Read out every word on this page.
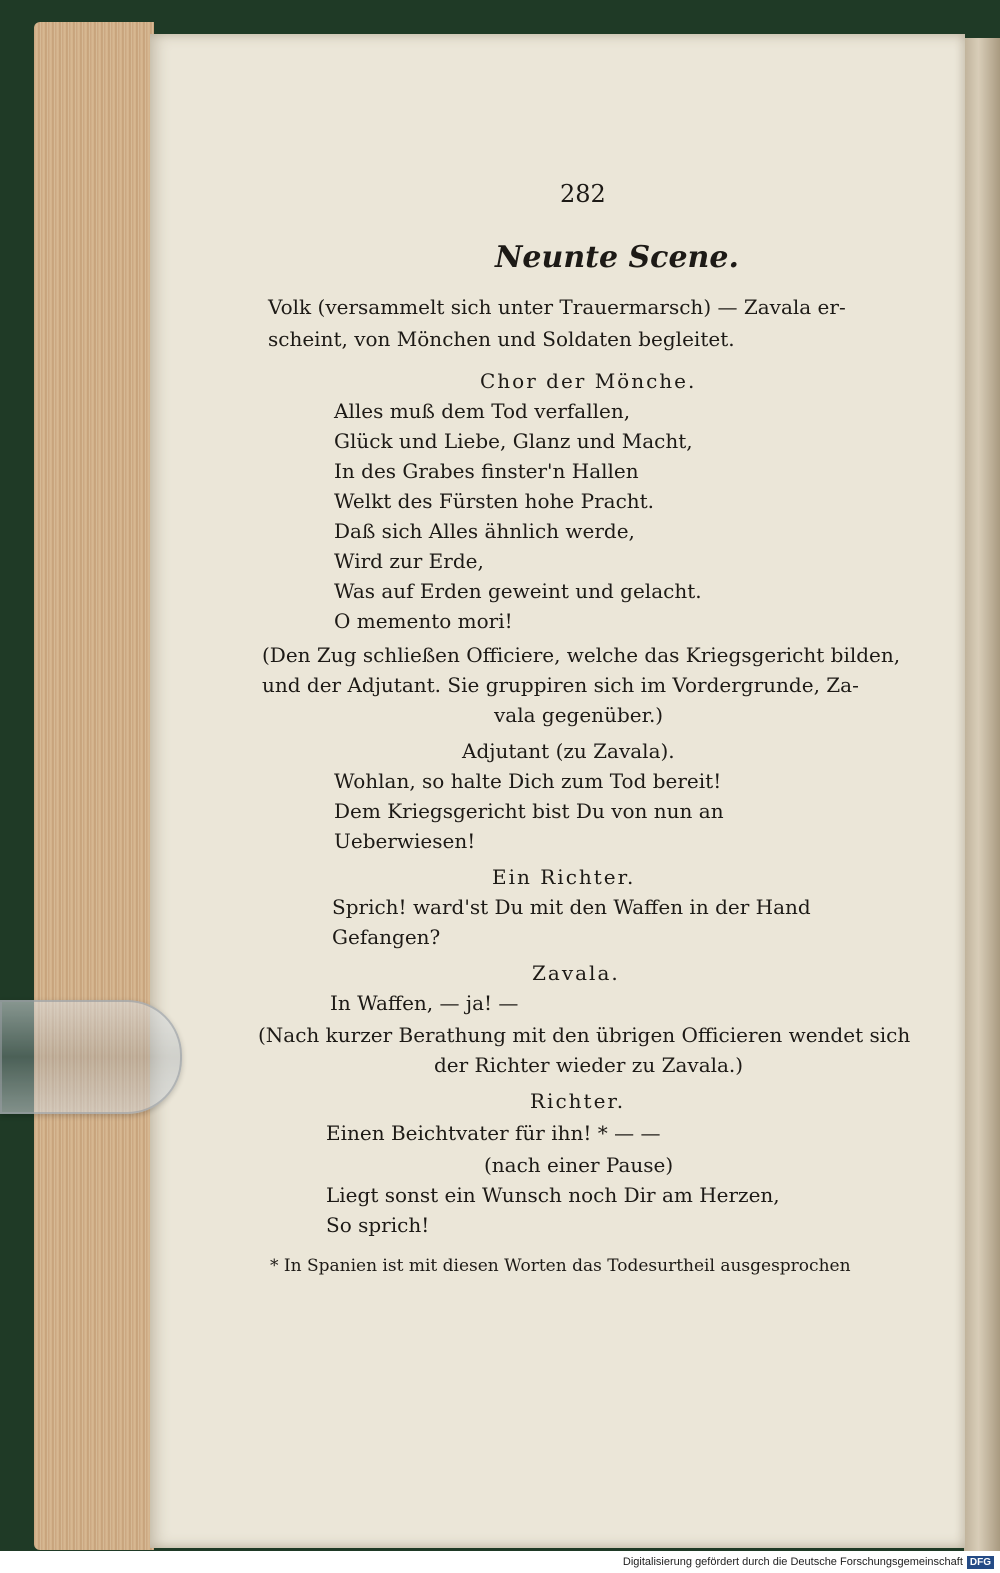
282
Neunte Scene.
Volk (versammelt sich unter Trauermarsch) — Zavala er-
scheint, von Mönchen und Soldaten begleitet.
Chor der Mönche.
Alles muß dem Tod verfallen,
Glück und Liebe, Glanz und Macht,
In des Grabes finster'n Hallen
Welkt des Fürsten hohe Pracht.
Daß sich Alles ähnlich werde,
Wird zur Erde,
Was auf Erden geweint und gelacht.
O memento mori!
(Den Zug schließen Officiere, welche das Kriegsgericht bilden,
und der Adjutant. Sie gruppiren sich im Vordergrunde, Za-
vala gegenüber.)
Adjutant (zu Zavala).
Wohlan, so halte Dich zum Tod bereit!
Dem Kriegsgericht bist Du von nun an
Ueberwiesen!
Ein Richter.
Sprich! ward'st Du mit den Waffen in der Hand
Gefangen?
Zavala.
In Waffen, — ja! —
(Nach kurzer Berathung mit den übrigen Officieren wendet sich
der Richter wieder zu Zavala.)
Richter.
Einen Beichtvater für ihn! * — —
(nach einer Pause)
Liegt sonst ein Wunsch noch Dir am Herzen,
So sprich!
* In Spanien ist mit diesen Worten das Todesurtheil ausgesprochen
Digitalisierung gefördert durch die Deutsche Forschungsgemeinschaft DFG
